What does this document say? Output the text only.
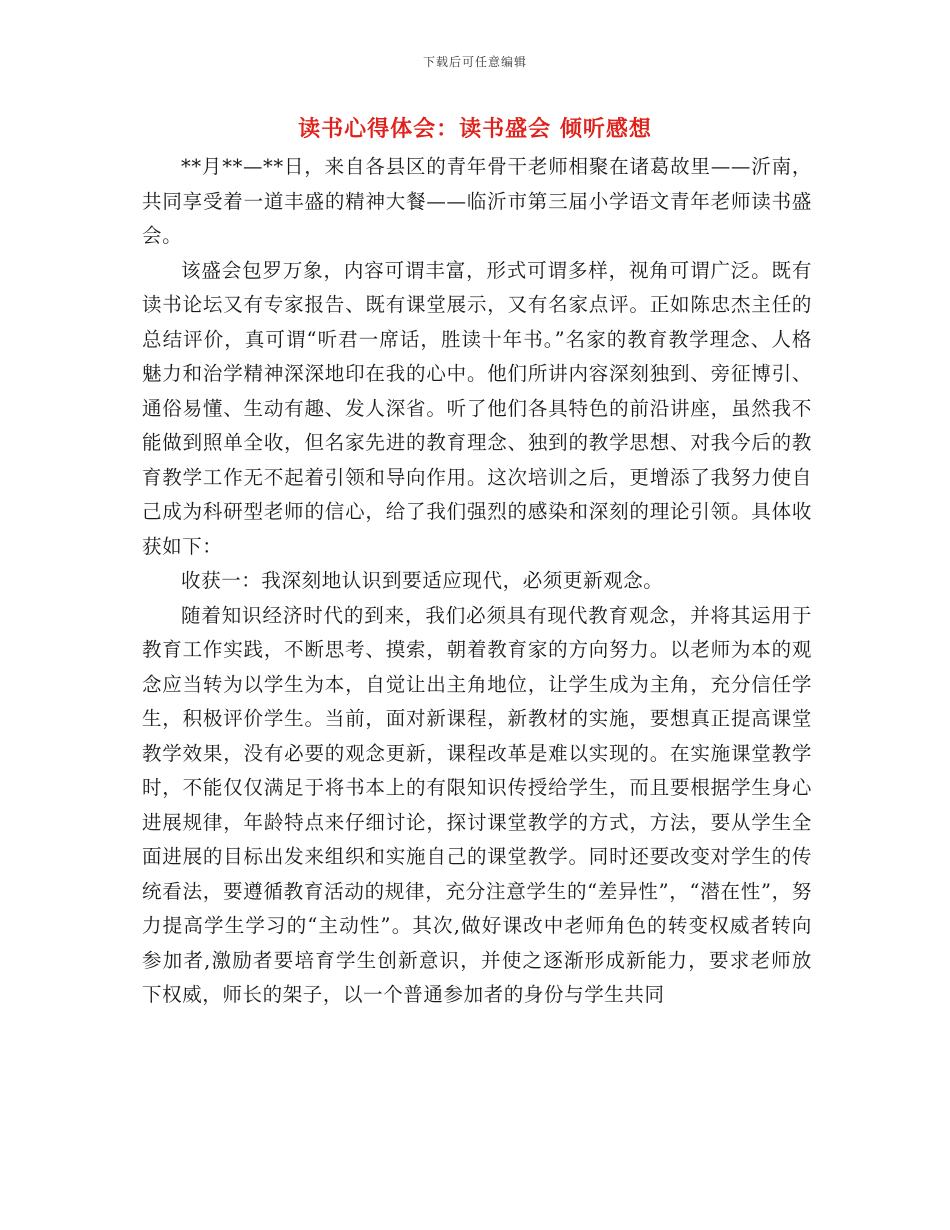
下载后可任意编辑
读书心得体会：读书盛会 倾听感想

**月**—**日，来自各县区的青年骨干老师相聚在诸葛故里——沂南，共同享受着一道丰盛的精神大餐——临沂市第三届小学语文青年老师读书盛会。

该盛会包罗万象，内容可谓丰富，形式可谓多样，视角可谓广泛。既有读书论坛又有专家报告、既有课堂展示，又有名家点评。正如陈忠杰主任的总结评价，真可谓“听君一席话，胜读十年书。”名家的教育教学理念、人格魅力和治学精神深深地印在我的心中。他们所讲内容深刻独到、旁征博引、通俗易懂、生动有趣、发人深省。听了他们各具特色的前沿讲座，虽然我不能做到照单全收，但名家先进的教育理念、独到的教学思想、对我今后的教育教学工作无不起着引领和导向作用。这次培训之后，更增添了我努力使自己成为科研型老师的信心，给了我们强烈的感染和深刻的理论引领。具体收获如下：

收获一：我深刻地认识到要适应现代，必须更新观念。

随着知识经济时代的到来，我们必须具有现代教育观念，并将其运用于教育工作实践，不断思考、摸索，朝着教育家的方向努力。以老师为本的观念应当转为以学生为本，自觉让出主角地位，让学生成为主角，充分信任学生，积极评价学生。当前，面对新课程，新教材的实施，要想真正提高课堂教学效果，没有必要的观念更新，课程改革是难以实现的。在实施课堂教学时，不能仅仅满足于将书本上的有限知识传授给学生，而且要根据学生身心进展规律，年龄特点来仔细讨论，探讨课堂教学的方式，方法，要从学生全面进展的目标出发来组织和实施自己的课堂教学。同时还要改变对学生的传统看法，要遵循教育活动的规律，充分注意学生的“差异性”，“潜在性”，努力提高学生学习的“主动性”。其次,做好课改中老师角色的转变权威者转向参加者,激励者要培育学生创新意识，并使之逐渐形成新能力，要求老师放下权威，师长的架子，以一个普通参加者的身份与学生共同
